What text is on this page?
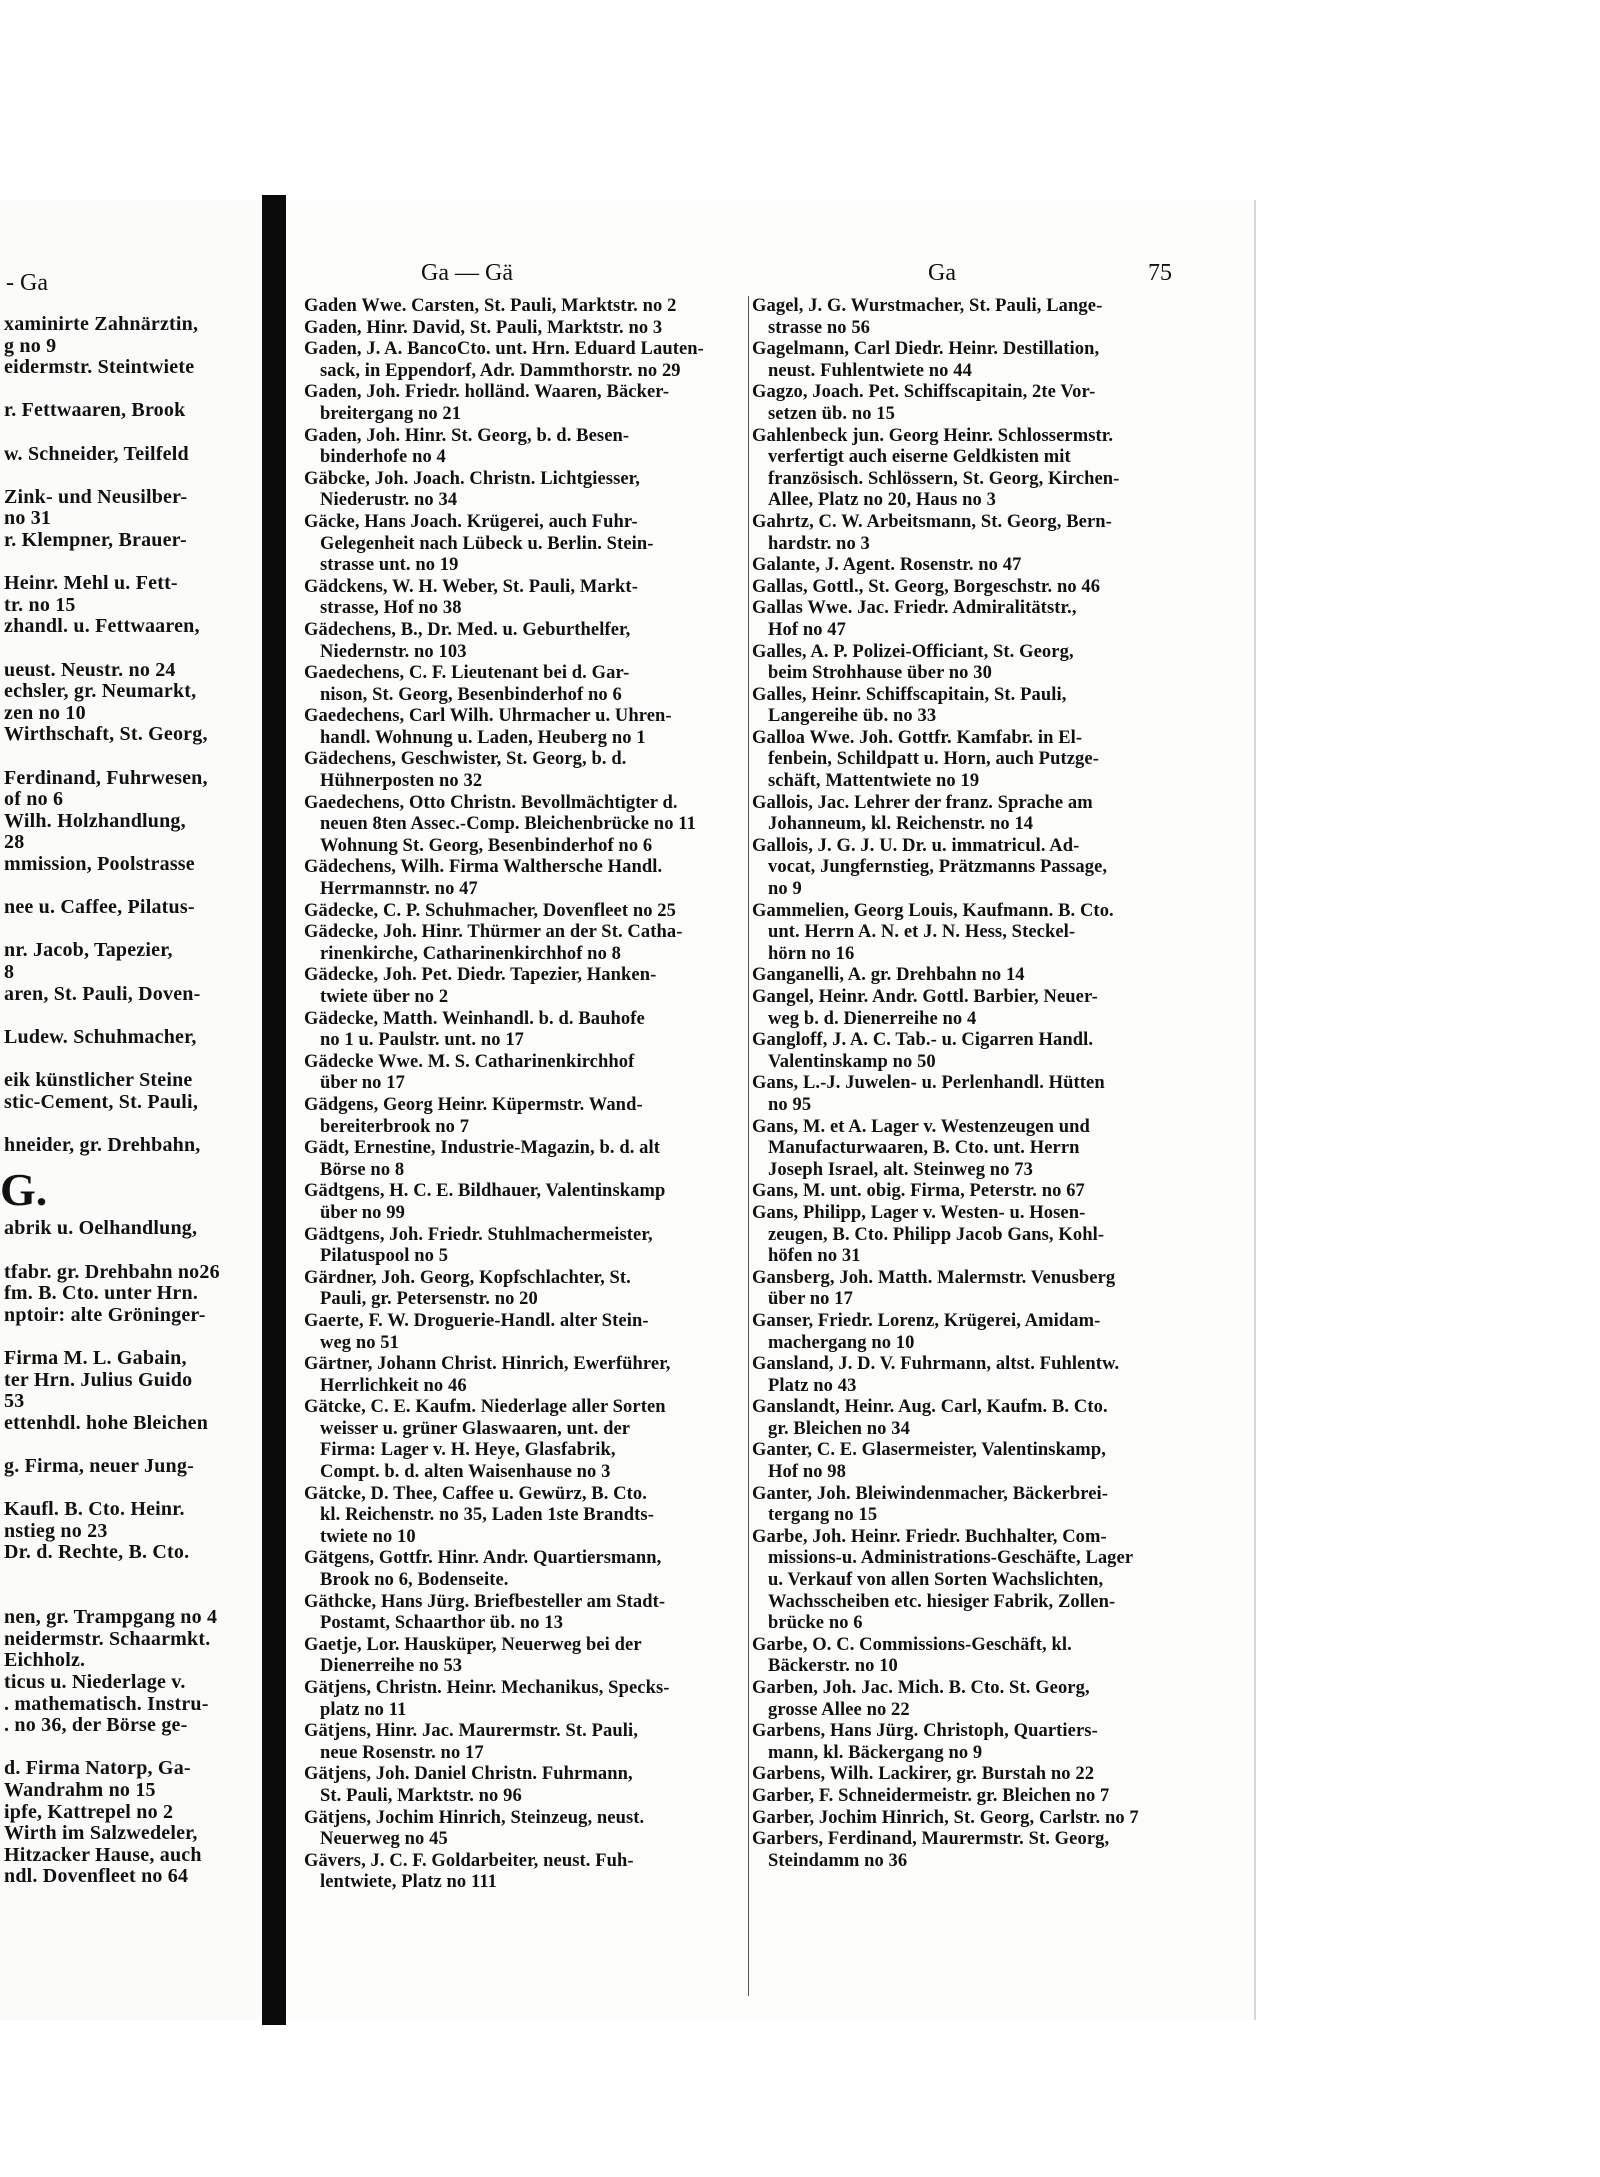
- Ga
xaminirte Zahnärztin,
g no 9
eidermstr. Steintwiete
r. Fettwaaren, Brook
w. Schneider, Teilfeld
Zink- und Neusilber-
no 31
r. Klempner, Brauer-
Heinr. Mehl u. Fett-
tr. no 15
zhandl. u. Fettwaaren,
ueust. Neustr. no 24
echsler, gr. Neumarkt,
zen no 10
Wirthschaft, St. Georg,
Ferdinand, Fuhrwesen,
of no 6
Wilh. Holzhandlung,
28
mmission, Poolstrasse
nee u. Caffee, Pilatus-
nr. Jacob, Tapezier,
8
aren, St. Pauli, Doven-
Ludew. Schuhmacher,
eik künstlicher Steine
stic-Cement, St. Pauli,
hneider, gr. Drehbahn,
G.
abrik u. Oelhandlung,
tfabr. gr. Drehbahn no26
fm. B. Cto. unter Hrn.
nptoir: alte Gröninger-
Firma M. L. Gabain,
ter Hrn. Julius Guido
53
ettenhdl. hohe Bleichen
g. Firma, neuer Jung-
Kaufl. B. Cto. Heinr.
nstieg no 23
Dr. d. Rechte, B. Cto.
nen, gr. Trampgang no 4
neidermstr. Schaarmkt.
Eichholz.
ticus u. Niederlage v.
. mathematisch. Instru-
. no 36, der Börse ge-
d. Firma Natorp, Ga-
Wandrahm no 15
ipfe, Kattrepel no 2
Wirth im Salzwedeler,
Hitzacker Hause, auch
ndl. Dovenfleet no 64
Ga — Gä	Ga	75
Gaden Wwe. Carsten, St. Pauli, Marktstr. no 2
Gaden, Hinr. David, St. Pauli, Marktstr. no 3
Gaden, J. A. BancoCto. unt. Hrn. Eduard Lauten-
sack, in Eppendorf, Adr. Dammthorstr. no 29
Gaden, Joh. Friedr. holländ. Waaren, Bäcker-
breitergang no 21
Gaden, Joh. Hinr. St. Georg, b. d. Besen-
binderhofe no 4
Gäbcke, Joh. Joach. Christn. Lichtgiesser,
Niederustr. no 34
Gäcke, Hans Joach. Krügerei, auch Fuhr-
Gelegenheit nach Lübeck u. Berlin. Stein-
strasse unt. no 19
Gädckens, W. H. Weber, St. Pauli, Markt-
strasse, Hof no 38
Gädechens, B., Dr. Med. u. Geburthelfer,
Niedernstr. no 103
Gaedechens, C. F. Lieutenant bei d. Gar-
nison, St. Georg, Besenbinderhof no 6
Gaedechens, Carl Wilh. Uhrmacher u. Uhren-
handl. Wohnung u. Laden, Heuberg no 1
Gädechens, Geschwister, St. Georg, b. d.
Hühnerposten no 32
Gaedechens, Otto Christn. Bevollmächtigter d.
neuen 8ten Assec.-Comp. Bleichenbrücke no 11
Wohnung St. Georg, Besenbinderhof no 6
Gädechens, Wilh. Firma Walthersche Handl.
Herrmannstr. no 47
Gädecke, C. P. Schuhmacher, Dovenfleet no 25
Gädecke, Joh. Hinr. Thürmer an der St. Catha-
rinenkirche, Catharinenkirchhof no 8
Gädecke, Joh. Pet. Diedr. Tapezier, Hanken-
twiete über no 2
Gädecke, Matth. Weinhandl. b. d. Bauhofe
no 1 u. Paulstr. unt. no 17
Gädecke Wwe. M. S. Catharinenkirchhof
über no 17
Gädgens, Georg Heinr. Küpermstr. Wand-
bereiterbrook no 7
Gädt, Ernestine, Industrie-Magazin, b. d. alt
Börse no 8
Gädtgens, H. C. E. Bildhauer, Valentinskamp
über no 99
Gädtgens, Joh. Friedr. Stuhlmachermeister,
Pilatuspool no 5
Gärdner, Joh. Georg, Kopfschlachter, St.
Pauli, gr. Petersenstr. no 20
Gaerte, F. W. Droguerie-Handl. alter Stein-
weg no 51
Gärtner, Johann Christ. Hinrich, Ewerführer,
Herrlichkeit no 46
Gätcke, C. E. Kaufm. Niederlage aller Sorten
weisser u. grüner Glaswaaren, unt. der
Firma: Lager v. H. Heye, Glasfabrik,
Compt. b. d. alten Waisenhause no 3
Gätcke, D. Thee, Caffee u. Gewürz, B. Cto.
kl. Reichenstr. no 35, Laden 1ste Brandts-
twiete no 10
Gätgens, Gottfr. Hinr. Andr. Quartiersmann,
Brook no 6, Bodenseite.
Gäthcke, Hans Jürg. Briefbesteller am Stadt-
Postamt, Schaarthor üb. no 13
Gaetje, Lor. Hausküper, Neuerweg bei der
Dienerreihe no 53
Gätjens, Christn. Heinr. Mechanikus, Specks-
platz no 11
Gätjens, Hinr. Jac. Maurermstr. St. Pauli,
neue Rosenstr. no 17
Gätjens, Joh. Daniel Christn. Fuhrmann,
St. Pauli, Marktstr. no 96
Gätjens, Jochim Hinrich, Steinzeug, neust.
Neuerweg no 45
Gävers, J. C. F. Goldarbeiter, neust. Fuh-
lentwiete, Platz no 111
Gagel, J. G. Wurstmacher, St. Pauli, Lange-
strasse no 56
Gagelmann, Carl Diedr. Heinr. Destillation,
neust. Fuhlentwiete no 44
Gagzo, Joach. Pet. Schiffscapitain, 2te Vor-
setzen üb. no 15
Gahlenbeck jun. Georg Heinr. Schlossermstr.
verfertigt auch eiserne Geldkisten mit
französisch. Schlössern, St. Georg, Kirchen-
Allee, Platz no 20, Haus no 3
Gahrtz, C. W. Arbeitsmann, St. Georg, Bern-
hardstr. no 3
Galante, J. Agent. Rosenstr. no 47
Gallas, Gottl., St. Georg, Borgeschstr. no 46
Gallas Wwe. Jac. Friedr. Admiralitätstr.,
Hof no 47
Galles, A. P. Polizei-Officiant, St. Georg,
beim Strohhause über no 30
Galles, Heinr. Schiffscapitain, St. Pauli,
Langereihe üb. no 33
Galloa Wwe. Joh. Gottfr. Kamfabr. in El-
fenbein, Schildpatt u. Horn, auch Putzge-
schäft, Mattentwiete no 19
Gallois, Jac. Lehrer der franz. Sprache am
Johanneum, kl. Reichenstr. no 14
Gallois, J. G. J. U. Dr. u. immatricul. Ad-
vocat, Jungfernstieg, Prätzmanns Passage,
no 9
Gammelien, Georg Louis, Kaufmann. B. Cto.
unt. Herrn A. N. et J. N. Hess, Steckel-
hörn no 16
Ganganelli, A. gr. Drehbahn no 14
Gangel, Heinr. Andr. Gottl. Barbier, Neuer-
weg b. d. Dienerreihe no 4
Gangloff, J. A. C. Tab.- u. Cigarren Handl.
Valentinskamp no 50
Gans, L.-J. Juwelen- u. Perlenhandl. Hütten
no 95
Gans, M. et A. Lager v. Westenzeugen und
Manufacturwaaren, B. Cto. unt. Herrn
Joseph Israel, alt. Steinweg no 73
Gans, M. unt. obig. Firma, Peterstr. no 67
Gans, Philipp, Lager v. Westen- u. Hosen-
zeugen, B. Cto. Philipp Jacob Gans, Kohl-
höfen no 31
Gansberg, Joh. Matth. Malermstr. Venusberg
über no 17
Ganser, Friedr. Lorenz, Krügerei, Amidam-
machergang no 10
Gansland, J. D. V. Fuhrmann, altst. Fuhlentw.
Platz no 43
Ganslandt, Heinr. Aug. Carl, Kaufm. B. Cto.
gr. Bleichen no 34
Ganter, C. E. Glasermeister, Valentinskamp,
Hof no 98
Ganter, Joh. Bleiwindenmacher, Bäckerbrei-
tergang no 15
Garbe, Joh. Heinr. Friedr. Buchhalter, Com-
missions-u. Administrations-Geschäfte, Lager
u. Verkauf von allen Sorten Wachslichten,
Wachsscheiben etc. hiesiger Fabrik, Zollen-
brücke no 6
Garbe, O. C. Commissions-Geschäft, kl.
Bäckerstr. no 10
Garben, Joh. Jac. Mich. B. Cto. St. Georg,
grosse Allee no 22
Garbens, Hans Jürg. Christoph, Quartiers-
mann, kl. Bäckergang no 9
Garbens, Wilh. Lackirer, gr. Burstah no 22
Garber, F. Schneidermeistr. gr. Bleichen no 7
Garber, Jochim Hinrich, St. Georg, Carlstr. no 7
Garbers, Ferdinand, Maurermstr. St. Georg,
Steindamm no 36
